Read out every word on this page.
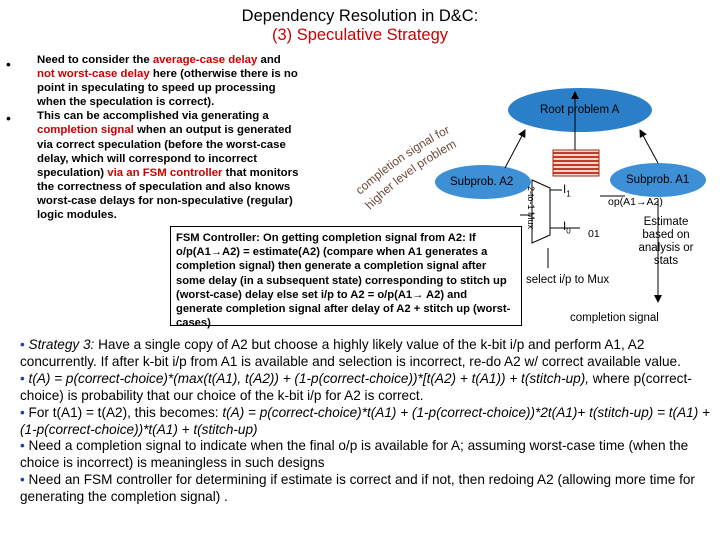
Dependency Resolution in D&C:
(3) Speculative Strategy
•
•
Need to consider the average-case delay and not worst-case delay here (otherwise there is no point in speculating to speed up processing when the speculation is correct).
This can be accomplished via generating a completion signal when an output is generated via correct speculation (before the worst-case delay, which will correspond to incorrect speculation) via an FSM controller that monitors the correctness of speculation and also knows worst-case delays for non-speculative (regular) logic modules.
completion signal for
higher level problem
Root problem A
Subprob. A2	Subprob. A1
2-to-1 Mux $I_1$
$I_0$
op(A1→A2)
01
Estimate based on analysis or stats
select i/p to Mux
completion signal
FSM Controller: On getting completion signal from A2: If o/p(A1→A2) = estimate(A2) (compare when A1 generates a completion signal) then generate a completion signal after some delay (in a subsequent state) corresponding to stitch up (worst-case) delay else set i/p to A2 = o/p(A1→ A2) and generate completion signal after delay of A2 + stitch up (worst-cases)

• Strategy 3: Have a single copy of A2 but choose a highly likely value of the k-bit i/p and perform A1, A2 concurrently. If after k-bit i/p from A1 is available and selection is incorrect, re-do A2 w/ correct available value.

• t(A) = p(correct-choice)*(max(t(A1), t(A2)) + (1-p(correct-choice))*[t(A2) + t(A1)) + t(stitch-up), where p(correct-choice) is probability that our choice of the k-bit i/p for A2 is correct.

• For t(A1) = t(A2), this becomes: t(A) = p(correct-choice)*t(A1) + (1-p(correct-choice))*2t(A1)+ t(stitch-up) = t(A1) + (1-p(correct-choice))*t(A1) + t(stitch-up)

• Need a completion signal to indicate when the final o/p is available for A; assuming worst-case time (when the choice is incorrect) is meaningless in such designs

• Need an FSM controller for determining if estimate is correct and if not, then redoing A2 (allowing more time for generating the completion signal) .
